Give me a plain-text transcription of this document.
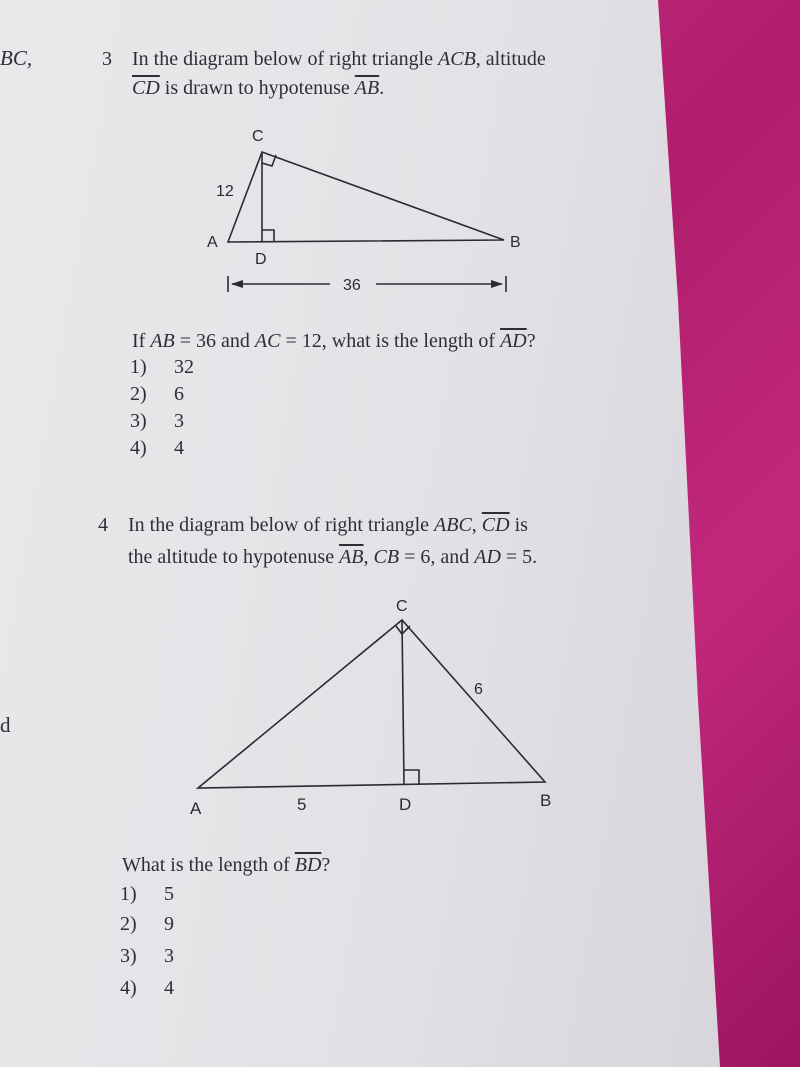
BC,
d
3 In the diagram below of right triangle ACB, altitude
$\overline{CD}$ is drawn to hypotenuse $\overline{AB}$.
C
12
A
D
B
36
If AB = 36 and AC = 12, what is the length of $\overline{AD}$?
1) 32
2) 6
3) 3
4) 4
4 In the diagram below of right triangle ABC, $\overline{CD}$ is
the altitude to hypotenuse $\overline{AB}$, CB = 6, and AD = 5.
C
6
A	5	D	B
What is the length of $\overline{BD}$?
1) 5
2) 9
3) 3
4) 4
